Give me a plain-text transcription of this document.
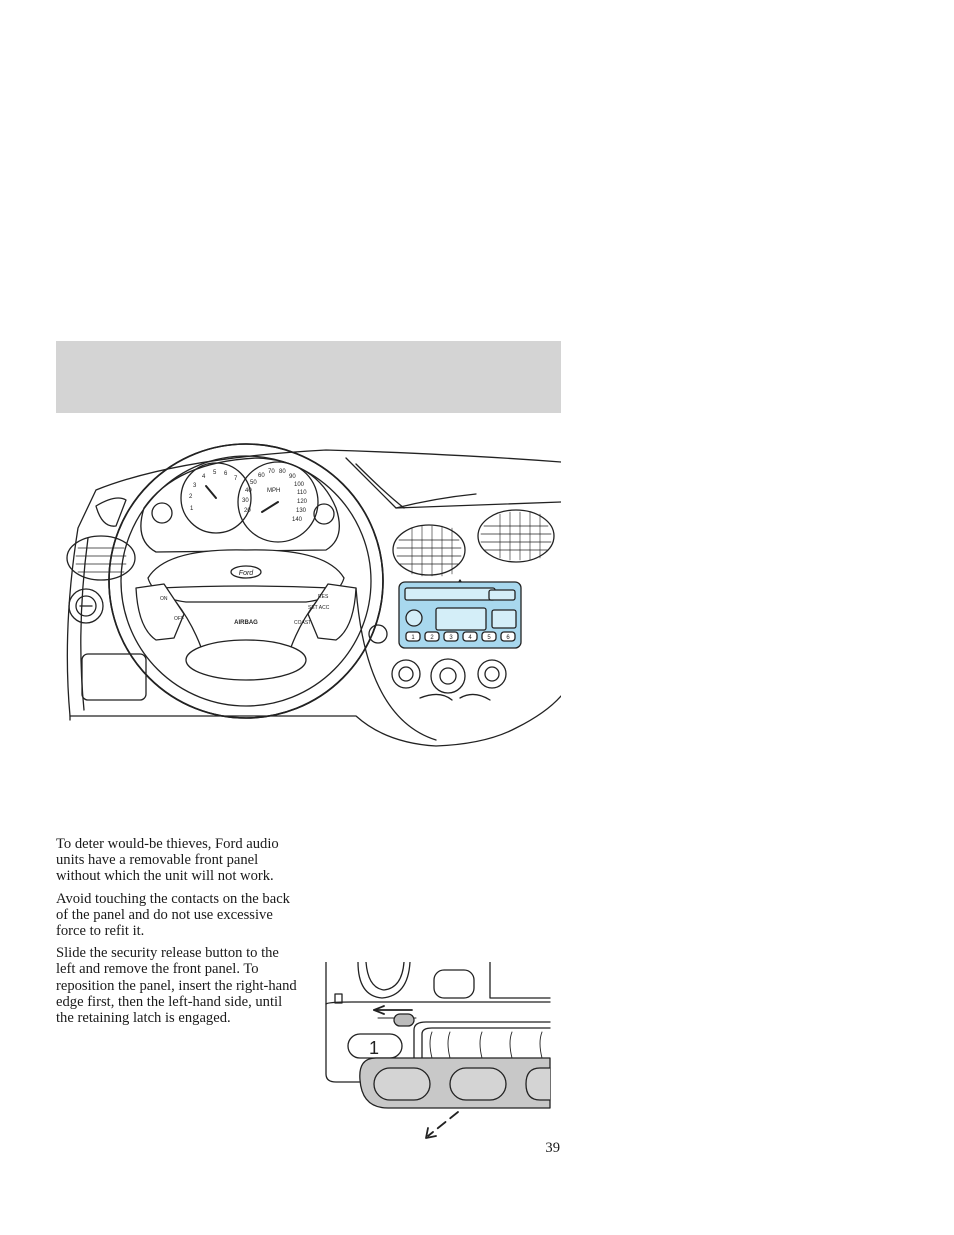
1	2	3	4	5	6
MPH
20
30
40
50
60
70 80
90
100
110
120
130
140
1
2
3
4
5 6
7
Ford
AIRBAG
ON
OFF
RES
SET ACC
COAST

To deter would-be thieves, Ford audio units have a removable front panel without which the unit will not work.

Avoid touching the contacts on the back of the panel and do not use excessive force to refit it.

Slide the security release button to the left and remove the front panel. To reposition the panel, insert the right-hand edge first, then the left-hand side, until the retaining latch is engaged.

1
39
